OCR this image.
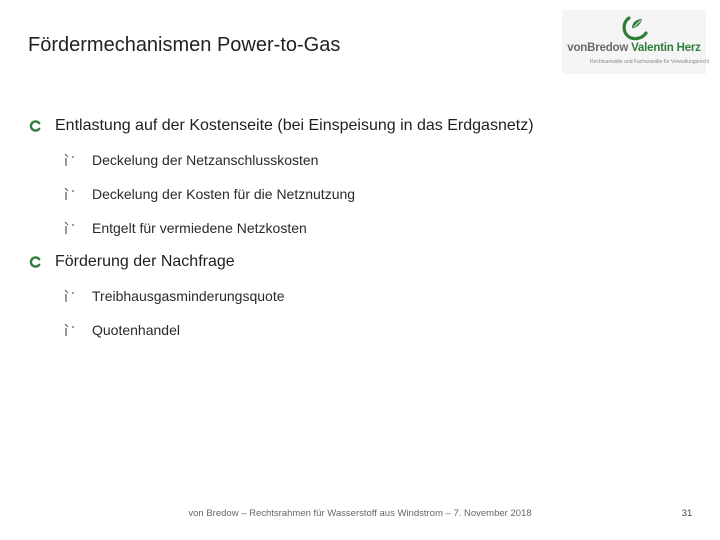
Fördermechanismen Power-to-Gas	vonBredow Valentin Herz
Rechtsanwälte und Fachanwälte für Verwaltungsrecht
Entlastung auf der Kostenseite (bei Einspeisung in das Erdgasnetz)
Deckelung der Netzanschlusskosten
Deckelung der Kosten für die Netznutzung
Entgelt für vermiedene Netzkosten
Förderung der Nachfrage
Treibhausgasminderungsquote
Quotenhandel
von Bredow – Rechtsrahmen für Wasserstoff aus Windstrom – 7. November 2018	31
